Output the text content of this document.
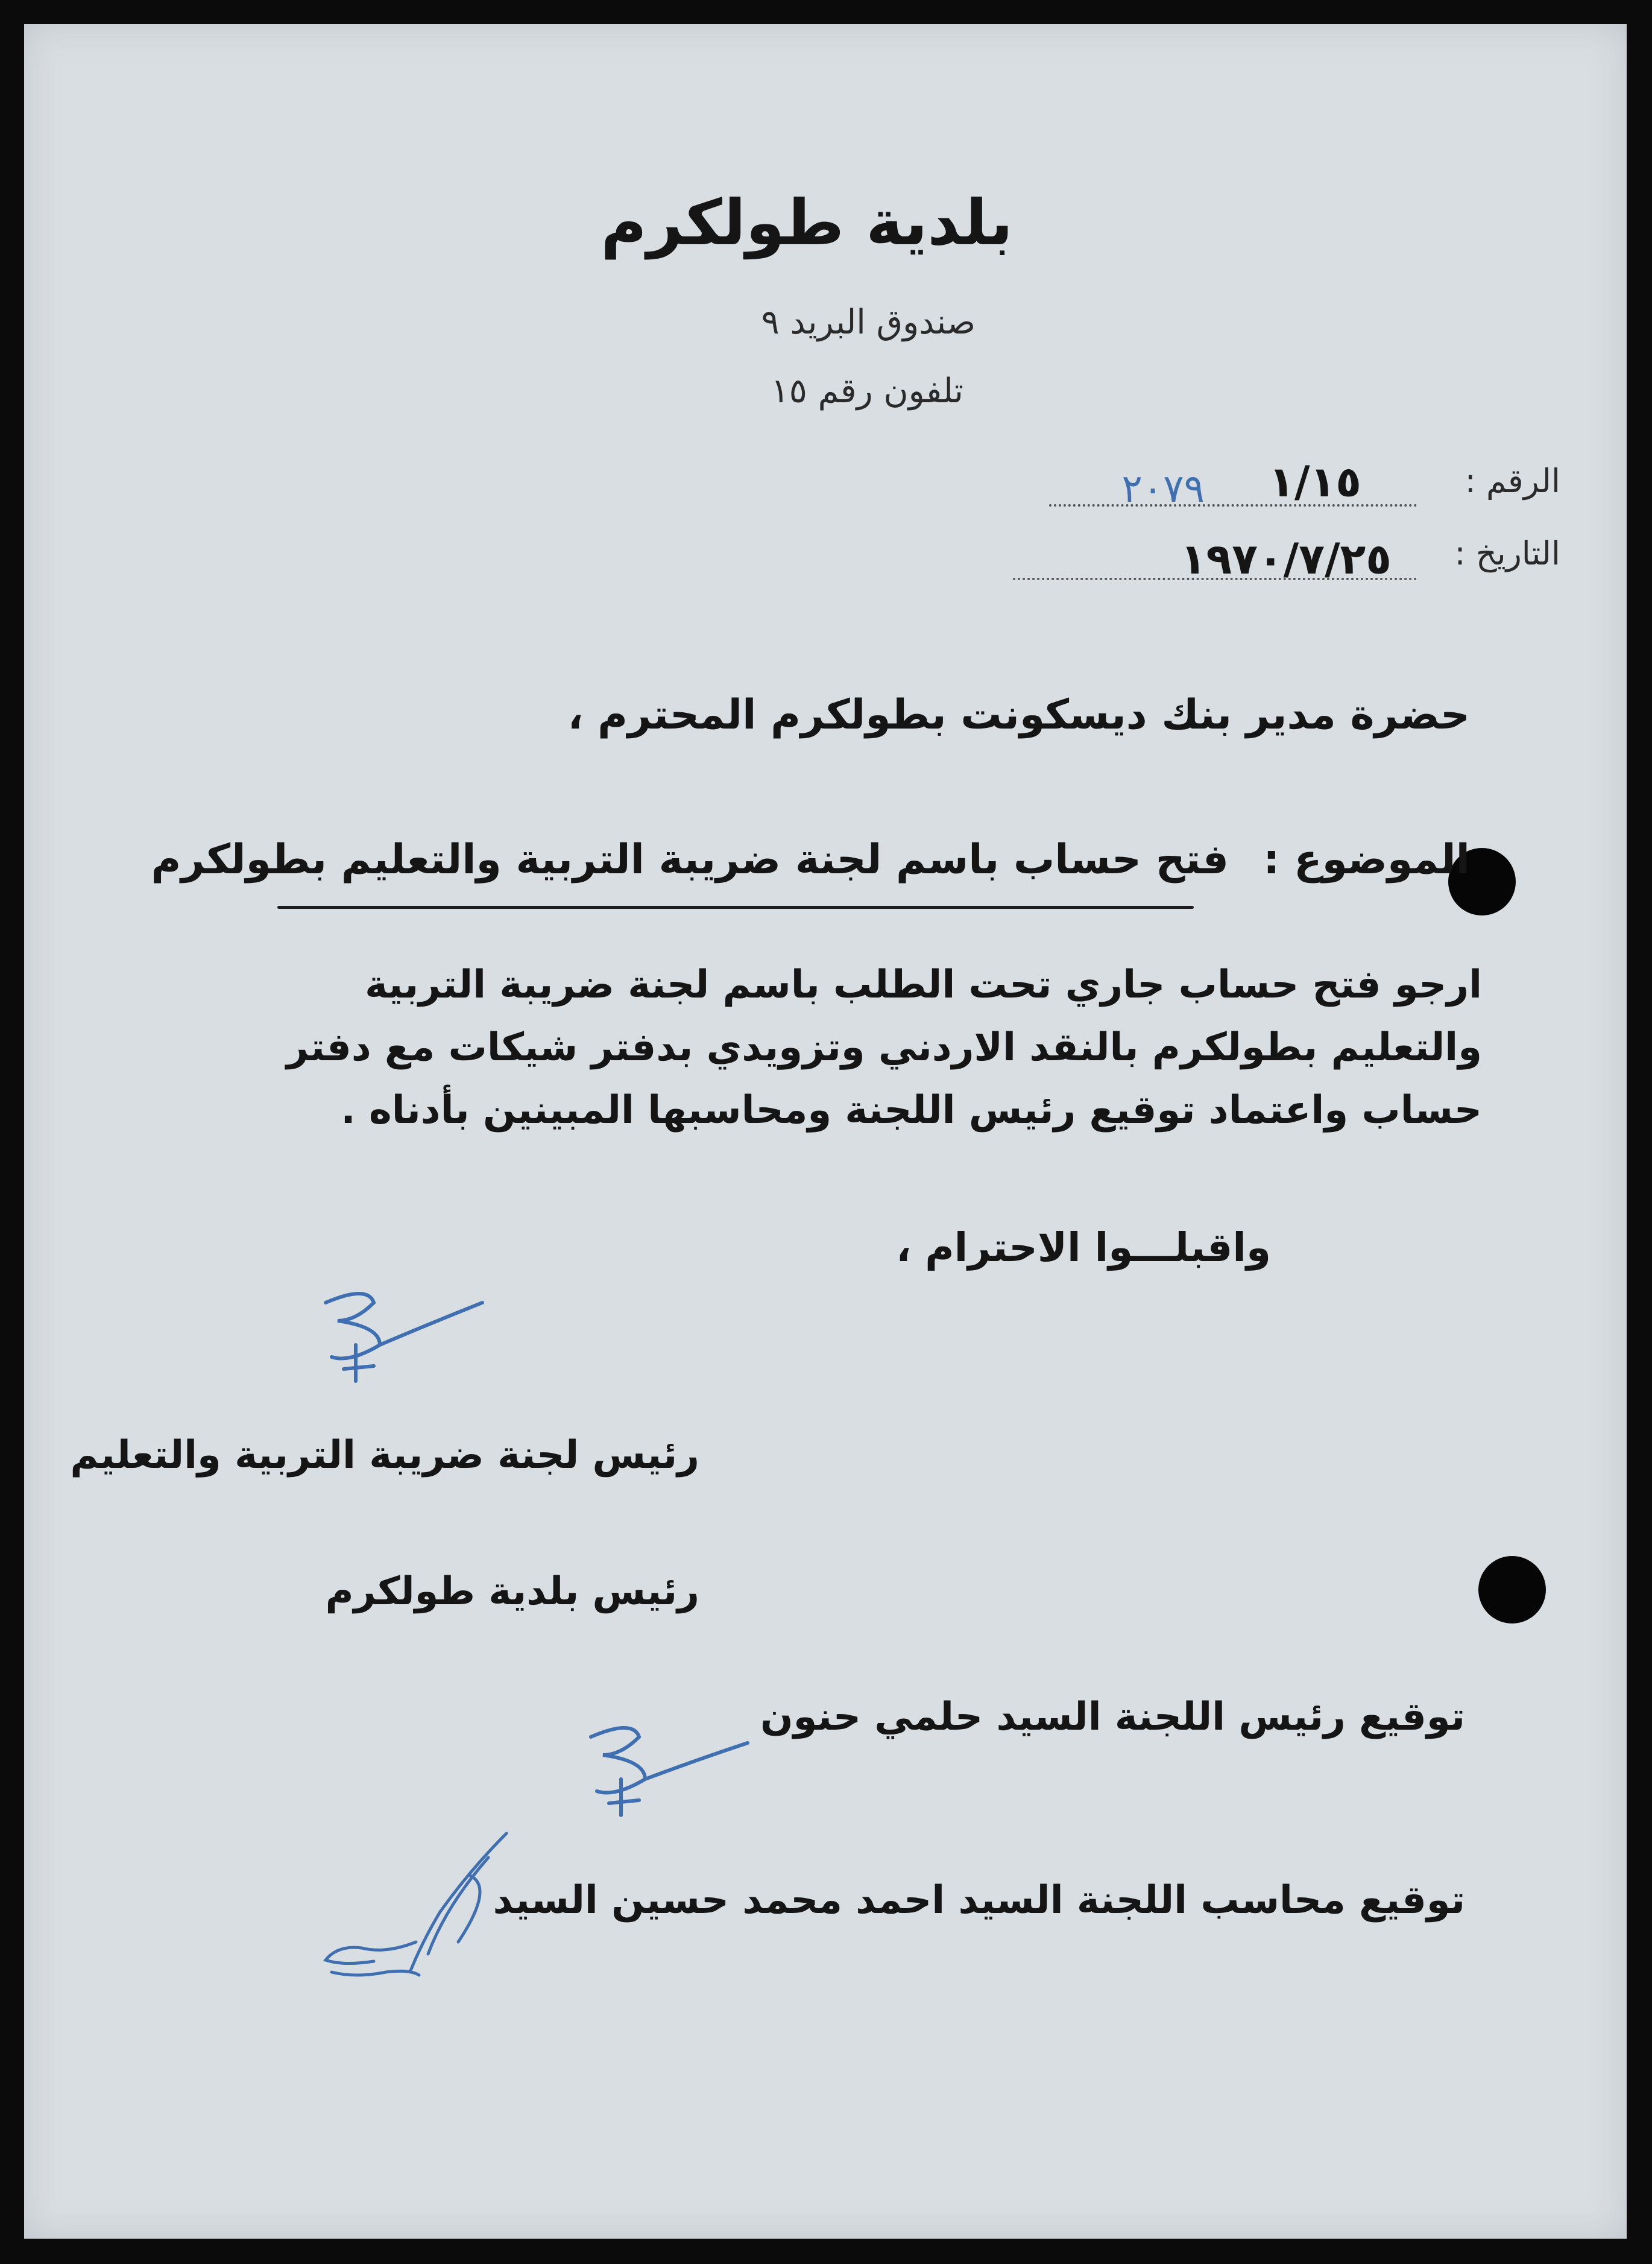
بلدية طولكرم
صندوق البريد ٩
تلفون رقم ١٥
الرقم :
١/١٥
٢٠٧٩
التاريخ :
١٩٧٠/٧/٢٥
حضرة مدير بنك ديسكونت بطولكرم المحترم ،
الموضوع :
فتح حساب باسم لجنة ضريبة التربية والتعليم بطولكرم
ارجو فتح حساب جاري تحت الطلب باسم لجنة ضريبة التربية
والتعليم بطولكرم بالنقد الاردني وتزويدي بدفتر شيكات مع دفتر
حساب واعتماد توقيع رئيس اللجنة ومحاسبها المبينين بأدناه .
واقبلـــوا الاحترام ،
رئيس لجنة ضريبة التربية والتعليم
رئيس بلدية طولكرم
توقيع رئيس اللجنة السيد حلمي حنون
توقيع محاسب اللجنة السيد احمد محمد حسين السيد
